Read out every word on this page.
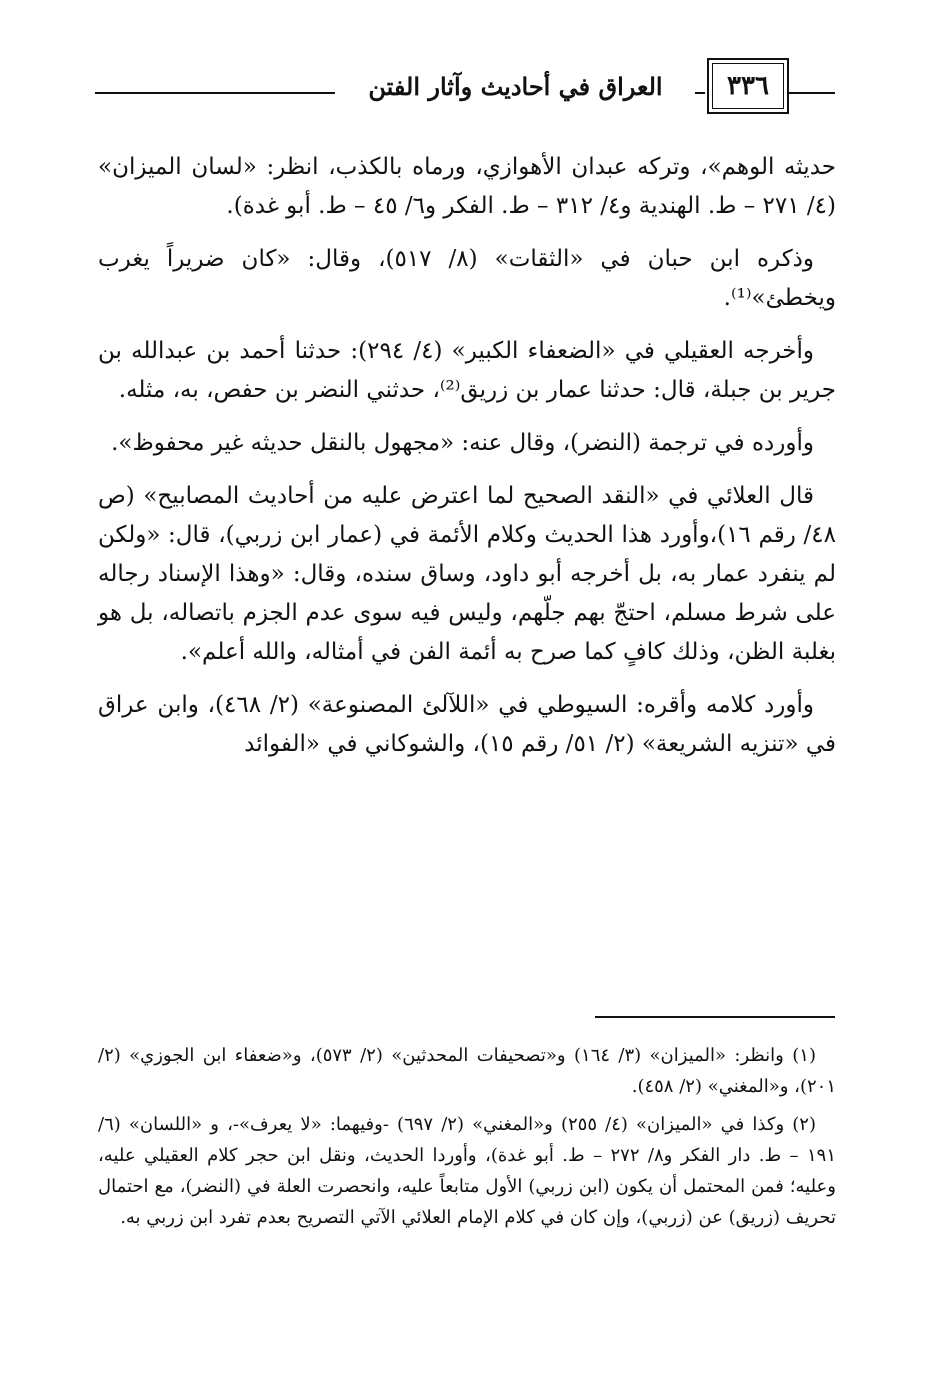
العراق في أحاديث وآثار الفتن	٣٣٦

حديثه الوهم»، وتركه عبدان الأهوازي، ورماه بالكذب، انظر: «لسان الميزان» (٤/ ٢٧١ – ط. الهندية و٤/ ٣١٢ – ط. الفكر و٦/ ٤٥ – ط. أبو غدة).

وذكره ابن حبان في «الثقات» (٨/ ٥١٧)، وقال: «كان ضريراً يغرب ويخطئ»⁽¹⁾.

وأخرجه العقيلي في «الضعفاء الكبير» (٤/ ٢٩٤): حدثنا أحمد بن عبدالله بن جرير بن جبلة، قال: حدثنا عمار بن زريق⁽²⁾، حدثني النضر بن حفص، به، مثله.

وأورده في ترجمة (النضر)، وقال عنه: «مجهول بالنقل حديثه غير محفوظ».

قال العلائي في «النقد الصحيح لما اعترض عليه من أحاديث المصابيح» (ص ٤٨/ رقم ١٦)،وأورد هذا الحديث وكلام الأئمة في (عمار ابن زربي)، قال: «ولكن لم ينفرد عمار به، بل أخرجه أبو داود، وساق سنده، وقال: «وهذا الإسناد رجاله على شرط مسلم، احتجّ بهم جلّهم، وليس فيه سوى عدم الجزم باتصاله، بل هو بغلبة الظن، وذلك كافٍ كما صرح به أئمة الفن في أمثاله، والله أعلم».

وأورد كلامه وأقره: السيوطي في «اللآلئ المصنوعة» (٢/ ٤٦٨)، وابن عراق في «تنزيه الشريعة» (٢/ ٥١/ رقم ١٥)، والشوكاني في «الفوائد

(١) وانظر: «الميزان» (٣/ ١٦٤) و«تصحيفات المحدثين» (٢/ ٥٧٣)، و«ضعفاء ابن الجوزي» (٢/ ٢٠١)، و«المغني» (٢/ ٤٥٨).

(٢) وكذا في «الميزان» (٤/ ٢٥٥) و«المغني» (٢/ ٦٩٧) -وفيهما: «لا يعرف»-، و «اللسان» (٦/ ١٩١ – ط. دار الفكر و٨/ ٢٧٢ – ط. أبو غدة)، وأوردا الحديث، ونقل ابن حجر كلام العقيلي عليه، وعليه؛ فمن المحتمل أن يكون (ابن زربي) الأول متابعاً عليه، وانحصرت العلة في (النضر)، مع احتمال تحريف (زريق) عن (زربي)، وإن كان في كلام الإمام العلائي الآتي التصريح بعدم تفرد ابن زربي به.
